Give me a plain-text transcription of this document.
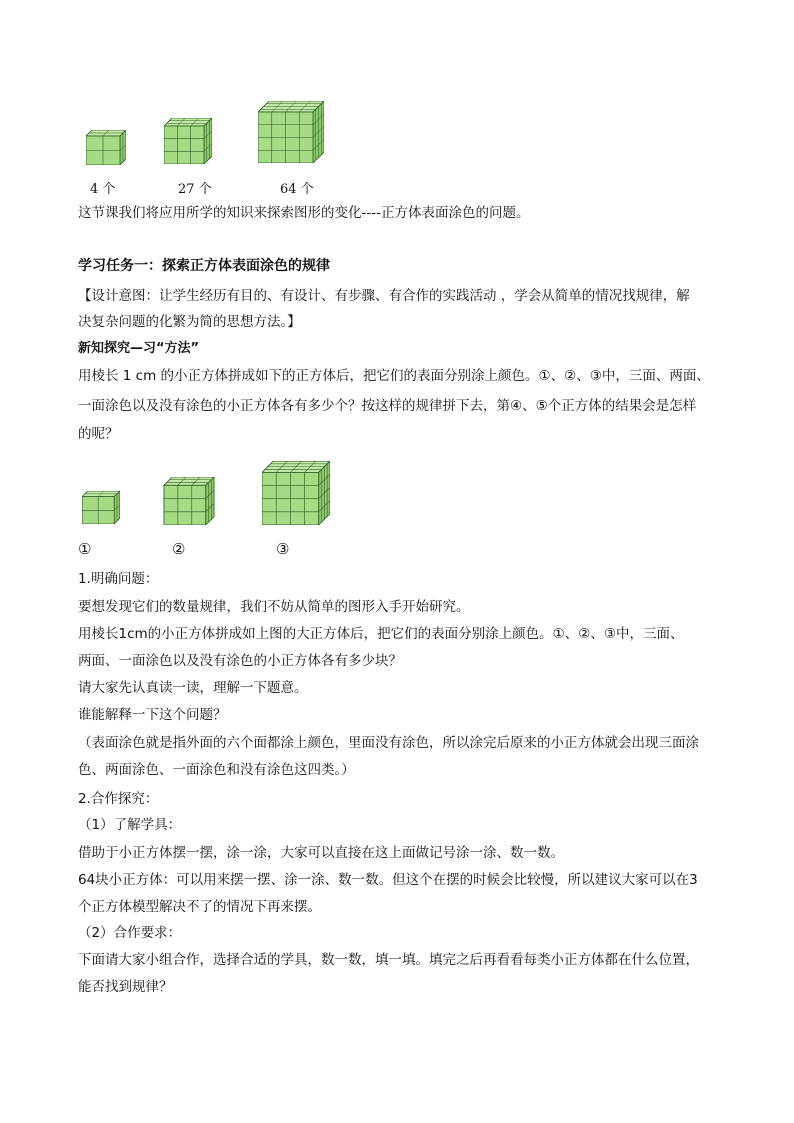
4 个	27 个	64 个
这节课我们将应用所学的知识来探索图形的变化----正方体表面涂色的问题。
学习任务一：探索正方体表面涂色的规律
【设计意图：让学生经历有目的、有设计、有步骤、有合作的实践活动 ，学会从简单的情况找规律，解
决复杂问题的化繁为简的思想方法。】
新知探究—习“方法”
用棱长 1 cm 的小正方体拼成如下的正方体后，把它们的表面分别涂上颜色。①、②、③中，三面、两面、
一面涂色以及没有涂色的小正方体各有多少个？按这样的规律拼下去，第④、⑤个正方体的结果会是怎样
的呢？
①	②	③
1.明确问题：
要想发现它们的数量规律，我们不妨从简单的图形入手开始研究。
用棱长1cm的小正方体拼成如上图的大正方体后，把它们的表面分别涂上颜色。①、②、③中，三面、
两面、一面涂色以及没有涂色的小正方体各有多少块？
请大家先认真读一读，理解一下题意。
谁能解释一下这个问题？
（表面涂色就是指外面的六个面都涂上颜色，里面没有涂色，所以涂完后原来的小正方体就会出现三面涂
色、两面涂色、一面涂色和没有涂色这四类。）
2.合作探究：
（1）了解学具：
借助于小正方体摆一摆，涂一涂，大家可以直接在这上面做记号涂一涂、数一数。
64块小正方体：可以用来摆一摆、涂一涂、数一数。但这个在摆的时候会比较慢，所以建议大家可以在3
个正方体模型解决不了的情况下再来摆。
（2）合作要求：
下面请大家小组合作，选择合适的学具，数一数，填一填。填完之后再看看每类小正方体都在什么位置，
能否找到规律？
